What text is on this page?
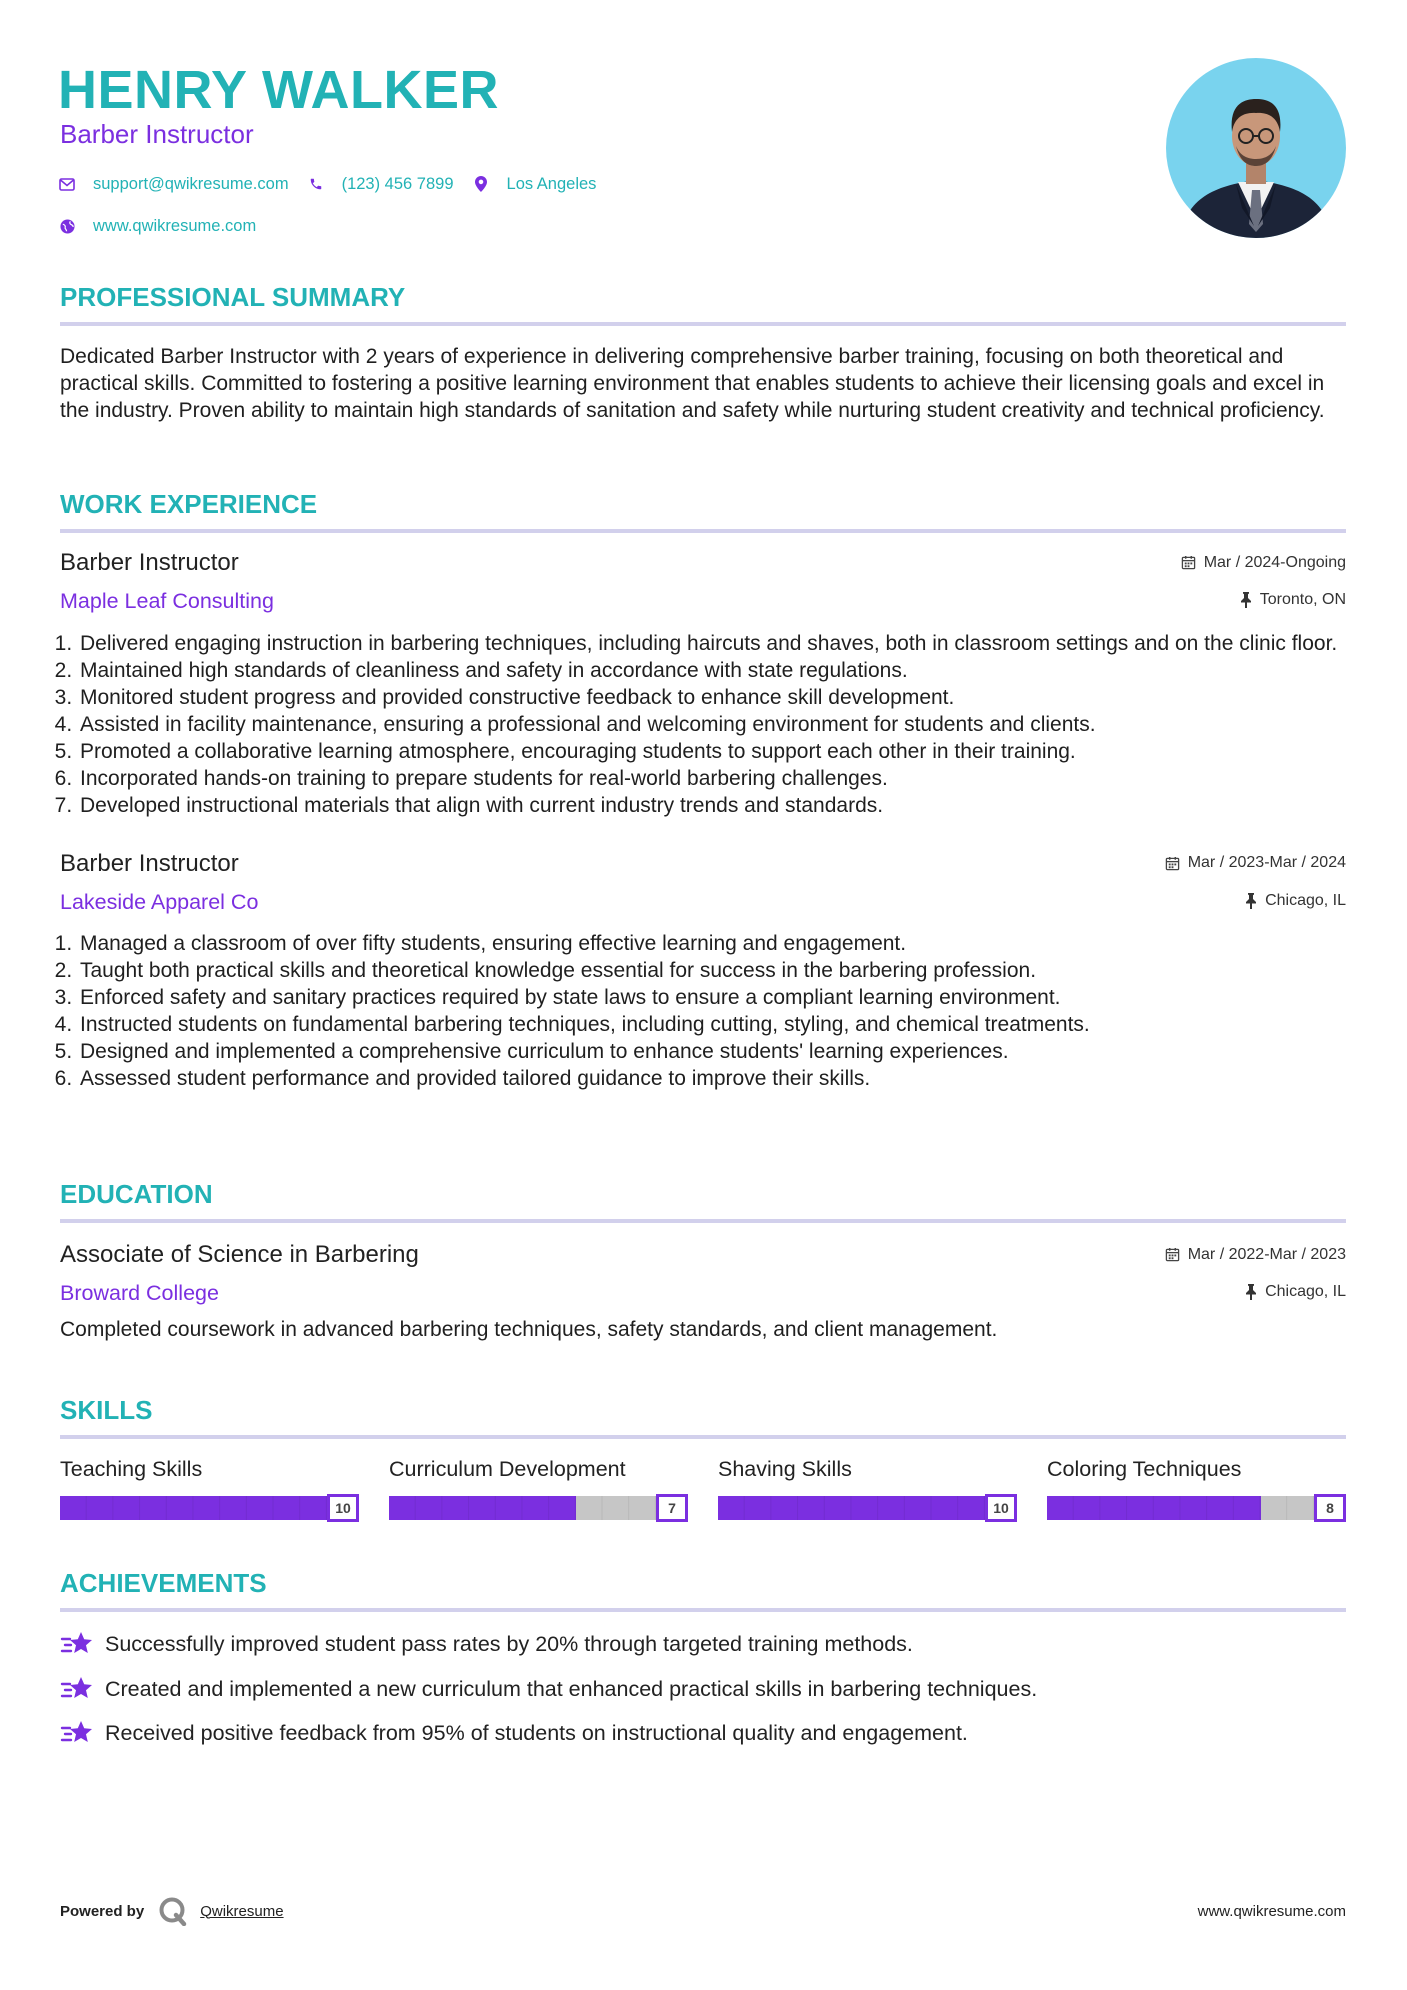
HENRY WALKER
Barber Instructor
support@qwikresume.com	(123) 456 7899	Los Angeles
www.qwikresume.com
PROFESSIONAL SUMMARY

Dedicated Barber Instructor with 2 years of experience in delivering comprehensive barber training, focusing on both theoretical and practical skills. Committed to fostering a positive learning environment that enables students to achieve their licensing goals and excel in the industry. Proven ability to maintain high standards of sanitation and safety while nurturing student creativity and technical proficiency.

WORK EXPERIENCE
Barber Instructor	Mar / 2024-Ongoing
Maple Leaf Consulting	Toronto, ON
1. Delivered engaging instruction in barbering techniques, including haircuts and shaves, both in classroom settings and on the clinic floor.
2. Maintained high standards of cleanliness and safety in accordance with state regulations.
3. Monitored student progress and provided constructive feedback to enhance skill development.
4. Assisted in facility maintenance, ensuring a professional and welcoming environment for students and clients.
5. Promoted a collaborative learning atmosphere, encouraging students to support each other in their training.
6. Incorporated hands-on training to prepare students for real-world barbering challenges.
7. Developed instructional materials that align with current industry trends and standards.
Barber Instructor	Mar / 2023-Mar / 2024
Lakeside Apparel Co	Chicago, IL
1. Managed a classroom of over fifty students, ensuring effective learning and engagement.
2. Taught both practical skills and theoretical knowledge essential for success in the barbering profession.
3. Enforced safety and sanitary practices required by state laws to ensure a compliant learning environment.
4. Instructed students on fundamental barbering techniques, including cutting, styling, and chemical treatments.
5. Designed and implemented a comprehensive curriculum to enhance students' learning experiences.
6. Assessed student performance and provided tailored guidance to improve their skills.
EDUCATION
Associate of Science in Barbering	Mar / 2022-Mar / 2023
Broward College	Chicago, IL

Completed coursework in advanced barbering techniques, safety standards, and client management.

SKILLS
Teaching Skills
10
Curriculum Development
7
Shaving Skills
10
Coloring Techniques
8
ACHIEVEMENTS
Successfully improved student pass rates by 20% through targeted training methods.
Created and implemented a new curriculum that enhanced practical skills in barbering techniques.
Received positive feedback from 95% of students on instructional quality and engagement.
Powered by	Qwikresume	www.qwikresume.com
